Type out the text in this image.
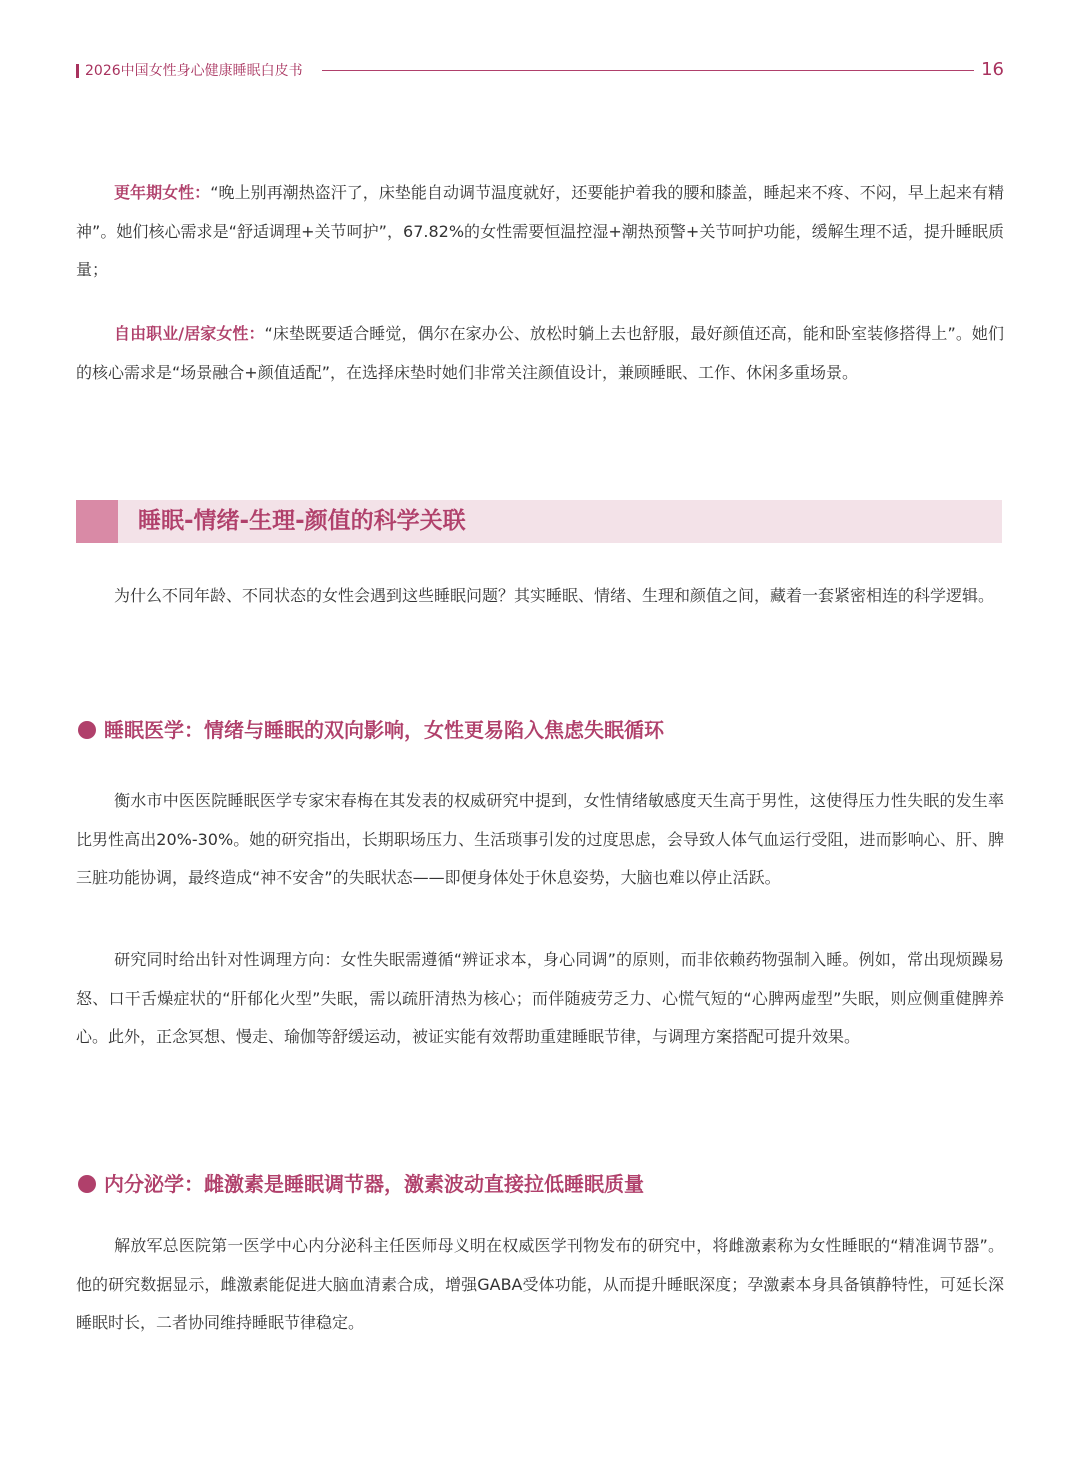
2026中国女性身心健康睡眠白皮书	16

更年期女性：“晚上别再潮热盗汗了，床垫能自动调节温度就好，还要能护着我的腰和膝盖，睡起来不疼、不闷，早上起来有精神”。她们核心需求是“舒适调理+关节呵护”，67.82%的女性需要恒温控湿+潮热预警+关节呵护功能，缓解生理不适，提升睡眠质量；

自由职业/居家女性：“床垫既要适合睡觉，偶尔在家办公、放松时躺上去也舒服，最好颜值还高，能和卧室装修搭得上”。她们的核心需求是“场景融合+颜值适配”，在选择床垫时她们非常关注颜值设计，兼顾睡眠、工作、休闲多重场景。

睡眠-情绪-生理-颜值的科学关联

为什么不同年龄、不同状态的女性会遇到这些睡眠问题？其实睡眠、情绪、生理和颜值之间，藏着一套紧密相连的科学逻辑。

睡眠医学：情绪与睡眠的双向影响，女性更易陷入焦虑失眠循环

衡水市中医医院睡眠医学专家宋春梅在其发表的权威研究中提到，女性情绪敏感度天生高于男性，这使得压力性失眠的发生率比男性高出20%-30%。她的研究指出，长期职场压力、生活琐事引发的过度思虑，会导致人体气血运行受阻，进而影响心、肝、脾三脏功能协调，最终造成“神不安舍”的失眠状态——即便身体处于休息姿势，大脑也难以停止活跃。

研究同时给出针对性调理方向：女性失眠需遵循“辨证求本，身心同调”的原则，而非依赖药物强制入睡。例如，常出现烦躁易怒、口干舌燥症状的“肝郁化火型”失眠，需以疏肝清热为核心；而伴随疲劳乏力、心慌气短的“心脾两虚型”失眠，则应侧重健脾养心。此外，正念冥想、慢走、瑜伽等舒缓运动，被证实能有效帮助重建睡眠节律，与调理方案搭配可提升效果。

内分泌学：雌激素是睡眠调节器，激素波动直接拉低睡眠质量

解放军总医院第一医学中心内分泌科主任医师母义明在权威医学刊物发布的研究中，将雌激素称为女性睡眠的“精准调节器”。他的研究数据显示，雌激素能促进大脑血清素合成，增强GABA受体功能，从而提升睡眠深度；孕激素本身具备镇静特性，可延长深睡眠时长，二者协同维持睡眠节律稳定。
